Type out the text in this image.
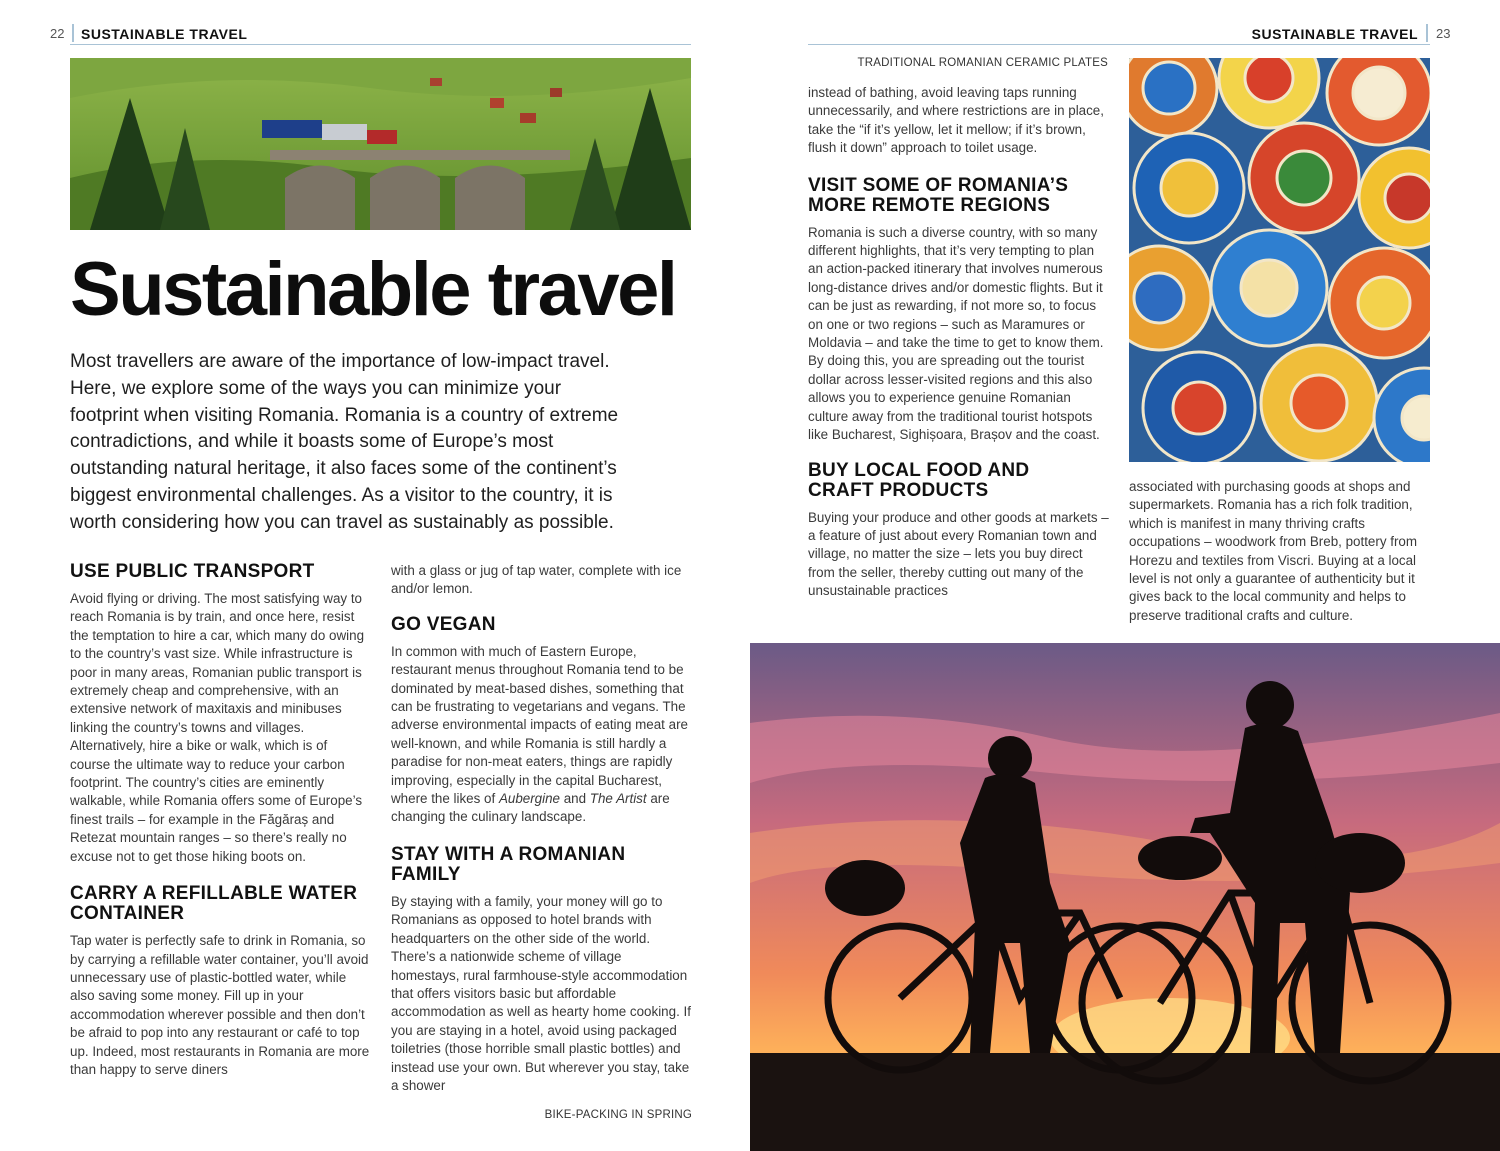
22 SUSTAINABLE TRAVEL
Sustainable travel

Most travellers are aware of the importance of low-impact travel. Here, we explore some of the ways you can minimize your footprint when visiting Romania. Romania is a country of extreme contradictions, and while it boasts some of Europe’s most outstanding natural heritage, it also faces some of the continent’s biggest environmental challenges. As a visitor to the country, it is worth considering how you can travel as sustainably as possible.

USE PUBLIC TRANSPORT

Avoid flying or driving. The most satisfying way to reach Romania is by train, and once here, resist the temptation to hire a car, which many do owing to the country’s vast size. While infrastructure is poor in many areas, Romanian public transport is extremely cheap and comprehensive, with an extensive network of maxitaxis and minibuses linking the country’s towns and villages. Alternatively, hire a bike or walk, which is of course the ultimate way to reduce your carbon footprint. The country’s cities are eminently walkable, while Romania offers some of Europe’s finest trails – for example in the Făgăraș and Retezat mountain ranges – so there’s really no excuse not to get those hiking boots on.

CARRY A REFILLABLE WATER CONTAINER

Tap water is perfectly safe to drink in Romania, so by carrying a refillable water container, you’ll avoid unnecessary use of plastic-bottled water, while also saving some money. Fill up in your accommodation wherever possible and then don’t be afraid to pop into any restaurant or café to top up. Indeed, most restaurants in Romania are more than happy to serve diners

with a glass or jug of tap water, complete with ice and/or lemon.

GO VEGAN

In common with much of Eastern Europe, restaurant menus throughout Romania tend to be dominated by meat-based dishes, something that can be frustrating to vegetarians and vegans. The adverse environmental impacts of eating meat are well-known, and while Romania is still hardly a paradise for non-meat eaters, things are rapidly improving, especially in the capital Bucharest, where the likes of Aubergine and The Artist are changing the culinary landscape.

STAY WITH A ROMANIAN FAMILY

By staying with a family, your money will go to Romanians as opposed to hotel brands with headquarters on the other side of the world. There’s a nationwide scheme of village homestays, rural farmhouse-style accommodation that offers visitors basic but affordable accommodation as well as hearty home cooking. If you are staying in a hotel, avoid using packaged toiletries (those horrible small plastic bottles) and instead use your own. But wherever you stay, take a shower

BIKE-PACKING IN SPRING
SUSTAINABLE TRAVEL 23
TRADITIONAL ROMANIAN CERAMIC PLATES

instead of bathing, avoid leaving taps running unnecessarily, and where restrictions are in place, take the “if it’s yellow, let it mellow; if it’s brown, flush it down” approach to toilet usage.

VISIT SOME OF ROMANIA’S MORE REMOTE REGIONS

Romania is such a diverse country, with so many different highlights, that it’s very tempting to plan an action-packed itinerary that involves numerous long-distance drives and/or domestic flights. But it can be just as rewarding, if not more so, to focus on one or two regions – such as Maramures or Moldavia – and take the time to get to know them. By doing this, you are spreading out the tourist dollar across lesser-visited regions and this also allows you to experience genuine Romanian culture away from the traditional tourist hotspots like Bucharest, Sighișoara, Brașov and the coast.

BUY LOCAL FOOD AND CRAFT PRODUCTS

Buying your produce and other goods at markets – a feature of just about every Romanian town and village, no matter the size – lets you buy direct from the seller, thereby cutting out many of the unsustainable practices

associated with purchasing goods at shops and supermarkets. Romania has a rich folk tradition, which is manifest in many thriving crafts occupations – woodwork from Breb, pottery from Horezu and textiles from Viscri. Buying at a local level is not only a guarantee of authenticity but it gives back to the local community and helps to preserve traditional crafts and culture.
